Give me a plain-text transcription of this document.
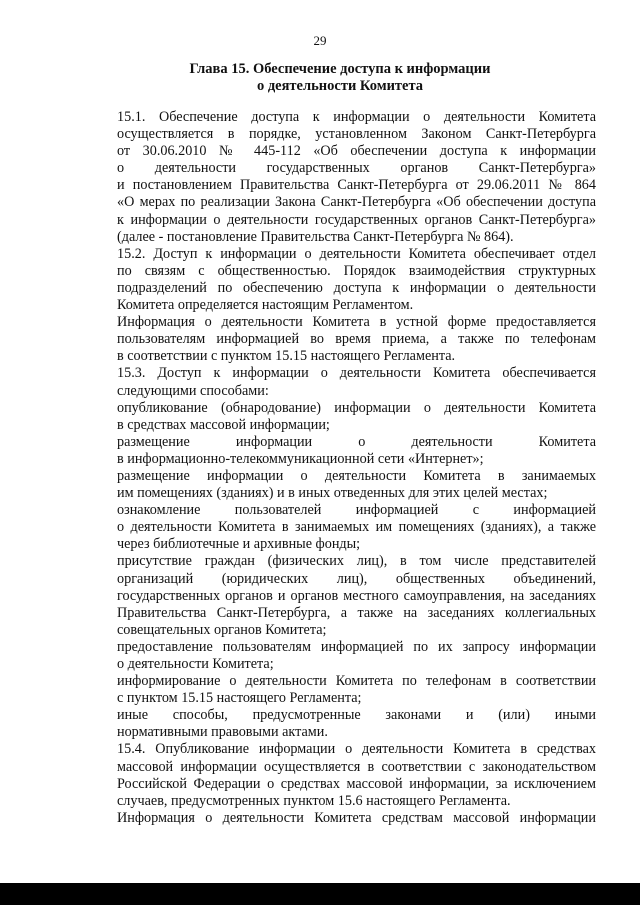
29
Глава 15. Обеспечение доступа к информации
о деятельности Комитета

15.1. Обеспечение доступа к информации о деятельности Комитета
осуществляется в порядке, установленном Законом Санкт-Петербурга
от 30.06.2010 № 445-112 «Об обеспечении доступа к информации
о деятельности государственных органов Санкт-Петербурга»
и постановлением Правительства Санкт-Петербурга от 29.06.2011 № 864
«О мерах по реализации Закона Санкт-Петербурга «Об обеспечении доступа
к информации о деятельности государственных органов Санкт-Петербурга»
(далее - постановление Правительства Санкт-Петербурга № 864).

15.2. Доступ к информации о деятельности Комитета обеспечивает отдел
по связям с общественностью. Порядок взаимодействия структурных
подразделений по обеспечению доступа к информации о деятельности
Комитета определяется настоящим Регламентом.

Информация о деятельности Комитета в устной форме предоставляется
пользователям информацией во время приема, а также по телефонам
в соответствии с пунктом 15.15 настоящего Регламента.

15.3. Доступ к информации о деятельности Комитета обеспечивается
следующими способами:

опубликование (обнародование) информации о деятельности Комитета
в средствах массовой информации;

размещение информации о деятельности Комитета
в информационно-телекоммуникационной сети «Интернет»;

размещение информации о деятельности Комитета в занимаемых
им помещениях (зданиях) и в иных отведенных для этих целей местах;

ознакомление пользователей информацией с информацией
о деятельности Комитета в занимаемых им помещениях (зданиях), а также
через библиотечные и архивные фонды;

присутствие граждан (физических лиц), в том числе представителей
организаций (юридических лиц), общественных объединений,
государственных органов и органов местного самоуправления, на заседаниях
Правительства Санкт-Петербурга, а также на заседаниях коллегиальных
совещательных органов Комитета;

предоставление пользователям информацией по их запросу информации
о деятельности Комитета;

информирование о деятельности Комитета по телефонам в соответствии
с пунктом 15.15 настоящего Регламента;

иные способы, предусмотренные законами и (или) иными
нормативными правовыми актами.

15.4. Опубликование информации о деятельности Комитета в средствах
массовой информации осуществляется в соответствии с законодательством
Российской Федерации о средствах массовой информации, за исключением
случаев, предусмотренных пунктом 15.6 настоящего Регламента.

Информация о деятельности Комитета средствам массовой информации
